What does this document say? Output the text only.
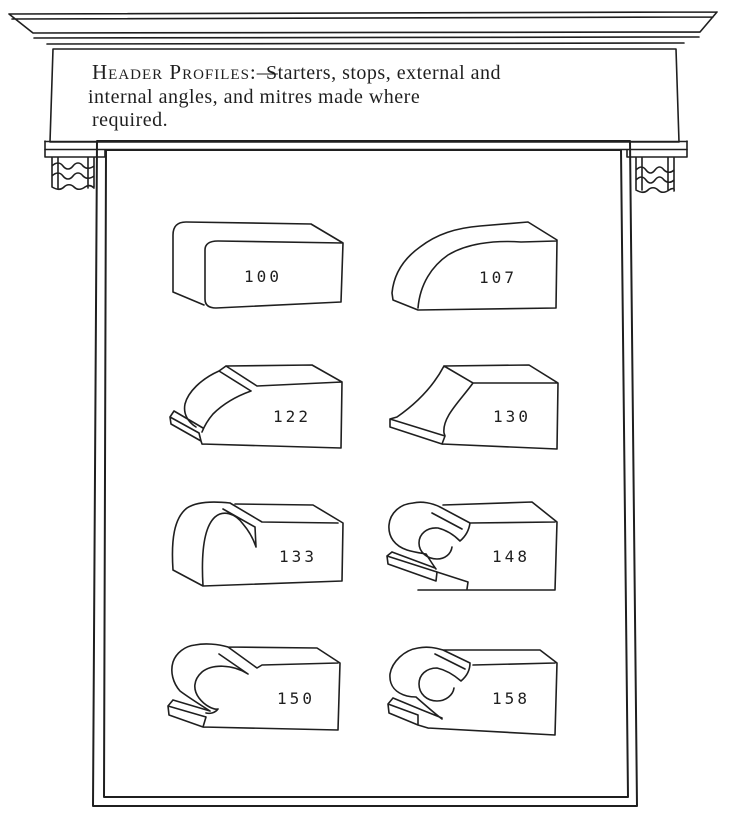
Header Profiles:—
Starters, stops, external and
internal angles, and mitres made where
required.
100	107
122	130
133	148
150	158
